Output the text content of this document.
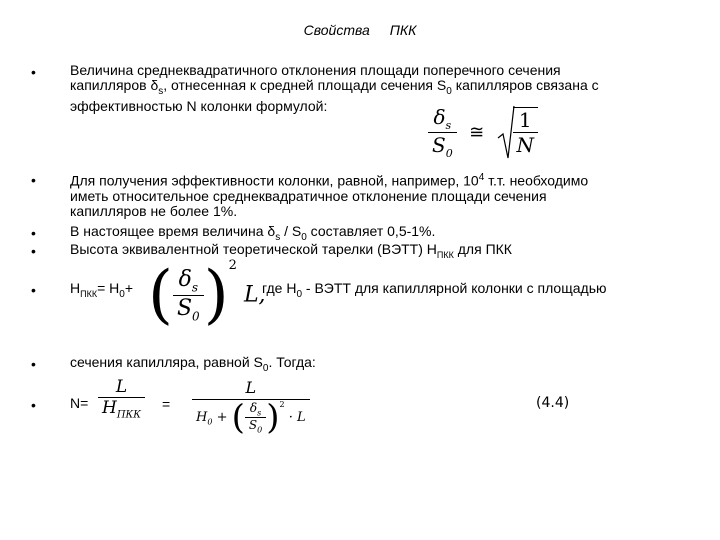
Свойства ПКК
• Величина среднеквадратичного отклонения площади поперечного сечения
капилляров $\delta_s$, отнесенная к средней площади сечения $S_0$ капилляров связана с
эффективностью N колонки формулой:	$\frac{\delta_s}{S_0}$ ≅ $\frac{1}{N}$
• Для получения эффективности колонки, равной, например, $10^4$ т.т. необходимо
иметь относительное среднеквадратичное отклонение площади сечения
капилляров не более 1%.
• В настоящее время величина $\delta_s / S_0$ составляет 0,5-1%.
• Высота эквивалентной теоретической тарелки (ВЭТТ) $Н_{ПКК}$ для ПКК
• $Н_{ПКК}= Н_0+$ ( $\frac{\delta_s}{S_0} )^2$ L,
где $Н_0$ - ВЭТТ для капиллярной колонки с площадью
• сечения капилляра, равной $S_0$. Тогда:
• $N= \frac{L}{H_{ПКК}} = \frac{L}{H_0 + ( \frac{\delta_s}{S_0} )^2 \cdot L}$	(4.4)
